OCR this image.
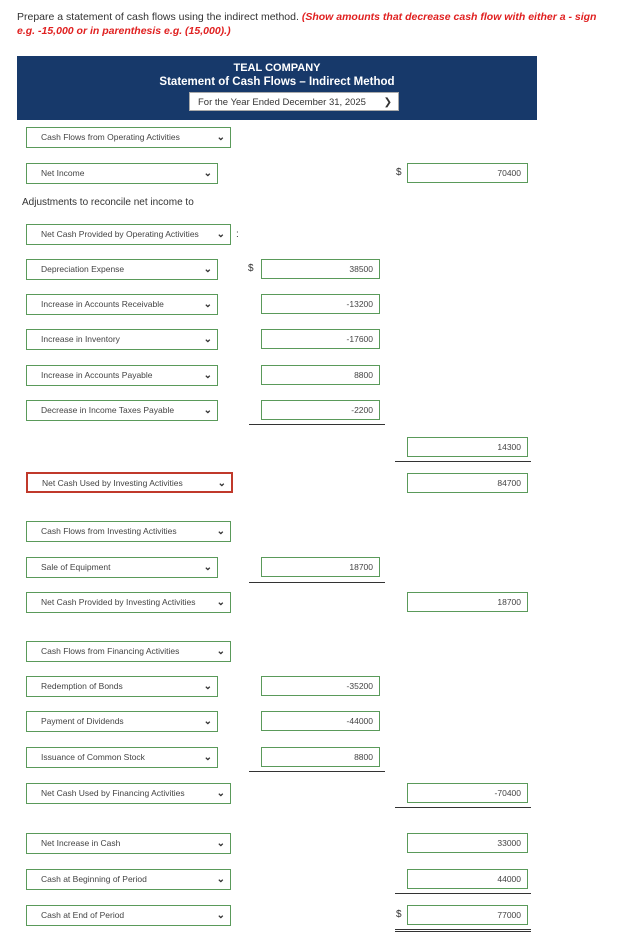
Prepare a statement of cash flows using the indirect method. (Show amounts that decrease cash flow with either a - sign e.g. -15,000 or in parenthesis e.g. (15,000).)
TEAL COMPANY
Statement of Cash Flows – Indirect Method
For the Year Ended December 31, 2025 ❯
Cash Flows from Operating Activities	⌄
Net Income	⌄	$	70400
Adjustments to reconcile net income to
Net Cash Provided by Operating Activities ⌄ :
Depreciation Expense	⌄	$	38500
Increase in Accounts Receivable	⌄	-13200
Increase in Inventory	⌄	-17600
Increase in Accounts Payable	⌄	8800
Decrease in Income Taxes Payable	⌄	-2200
14300
Net Cash Used by Investing Activities	⌄	84700
Cash Flows from Investing Activities	⌄
Sale of Equipment	⌄	18700
Net Cash Provided by Investing Activities ⌄	18700
Cash Flows from Financing Activities	⌄
Redemption of Bonds	⌄	-35200
Payment of Dividends	⌄	-44000
Issuance of Common Stock	⌄	8800
Net Cash Used by Financing Activities	⌄	-70400
Net Increase in Cash	⌄	33000
Cash at Beginning of Period	⌄	44000
Cash at End of Period	⌄	$	77000
